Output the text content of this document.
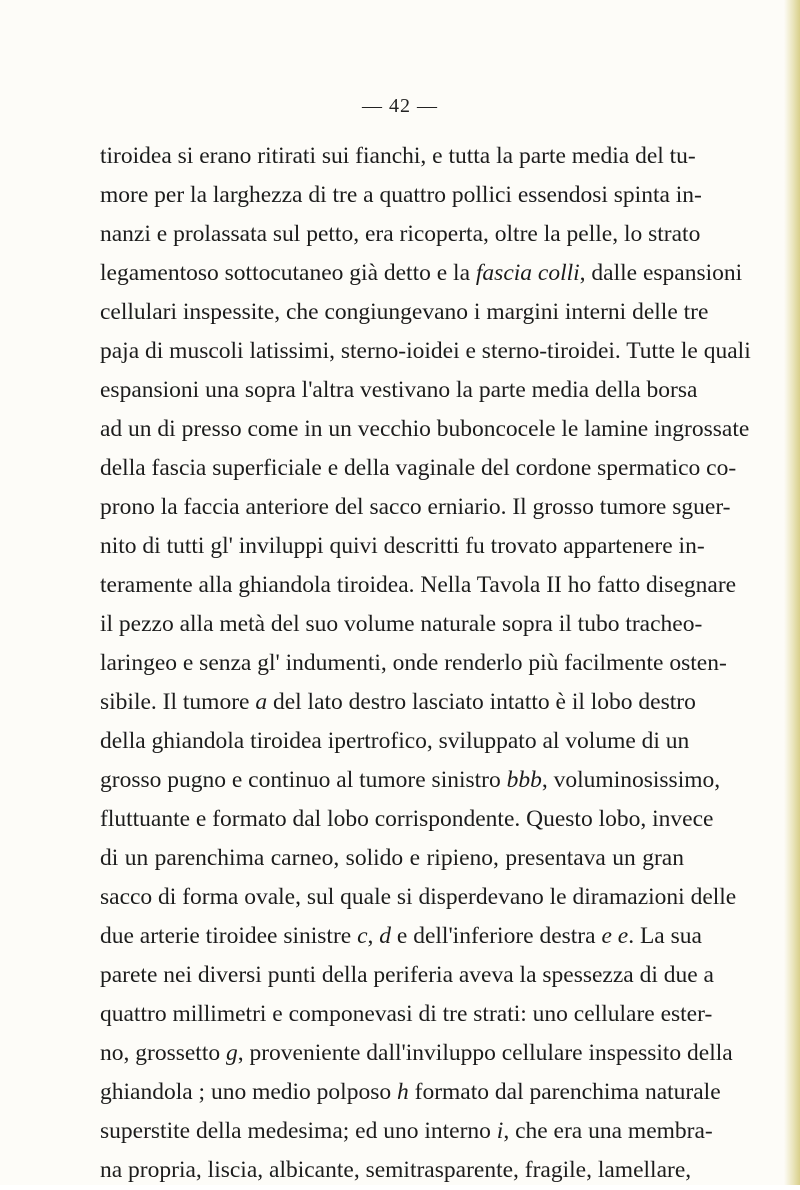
— 42 —
tiroidea si erano ritirati sui fianchi, e tutta la parte media del tu-
more per la larghezza di tre a quattro pollici essendosi spinta in-
nanzi e prolassata sul petto, era ricoperta, oltre la pelle, lo strato
legamentoso sottocutaneo già detto e la fascia colli, dalle espansioni
cellulari inspessite, che congiungevano i margini interni delle tre
paja di muscoli latissimi, sterno-ioidei e sterno-tiroidei. Tutte le quali
espansioni una sopra l'altra vestivano la parte media della borsa
ad un di presso come in un vecchio buboncocele le lamine ingrossate
della fascia superficiale e della vaginale del cordone spermatico co-
prono la faccia anteriore del sacco erniario. Il grosso tumore sguer-
nito di tutti gl' inviluppi quivi descritti fu trovato appartenere in-
teramente alla ghiandola tiroidea. Nella Tavola II ho fatto disegnare
il pezzo alla metà del suo volume naturale sopra il tubo tracheo-
laringeo e senza gl' indumenti, onde renderlo più facilmente osten-
sibile. Il tumore a del lato destro lasciato intatto è il lobo destro
della ghiandola tiroidea ipertrofico, sviluppato al volume di un
grosso pugno e continuo al tumore sinistro bbb, voluminosissimo,
fluttuante e formato dal lobo corrispondente. Questo lobo, invece
di un parenchima carneo, solido e ripieno, presentava un gran
sacco di forma ovale, sul quale si disperdevano le diramazioni delle
due arterie tiroidee sinistre c, d e dell'inferiore destra e e. La sua
parete nei diversi punti della periferia aveva la spessezza di due a
quattro millimetri e componevasi di tre strati: uno cellulare ester-
no, grossetto g, proveniente dall'inviluppo cellulare inspessito della
ghiandola ; uno medio polposo h formato dal parenchima naturale
superstite della medesima; ed uno interno i, che era una membra-
na propria, liscia, albicante, semitrasparente, fragile, lamellare,
